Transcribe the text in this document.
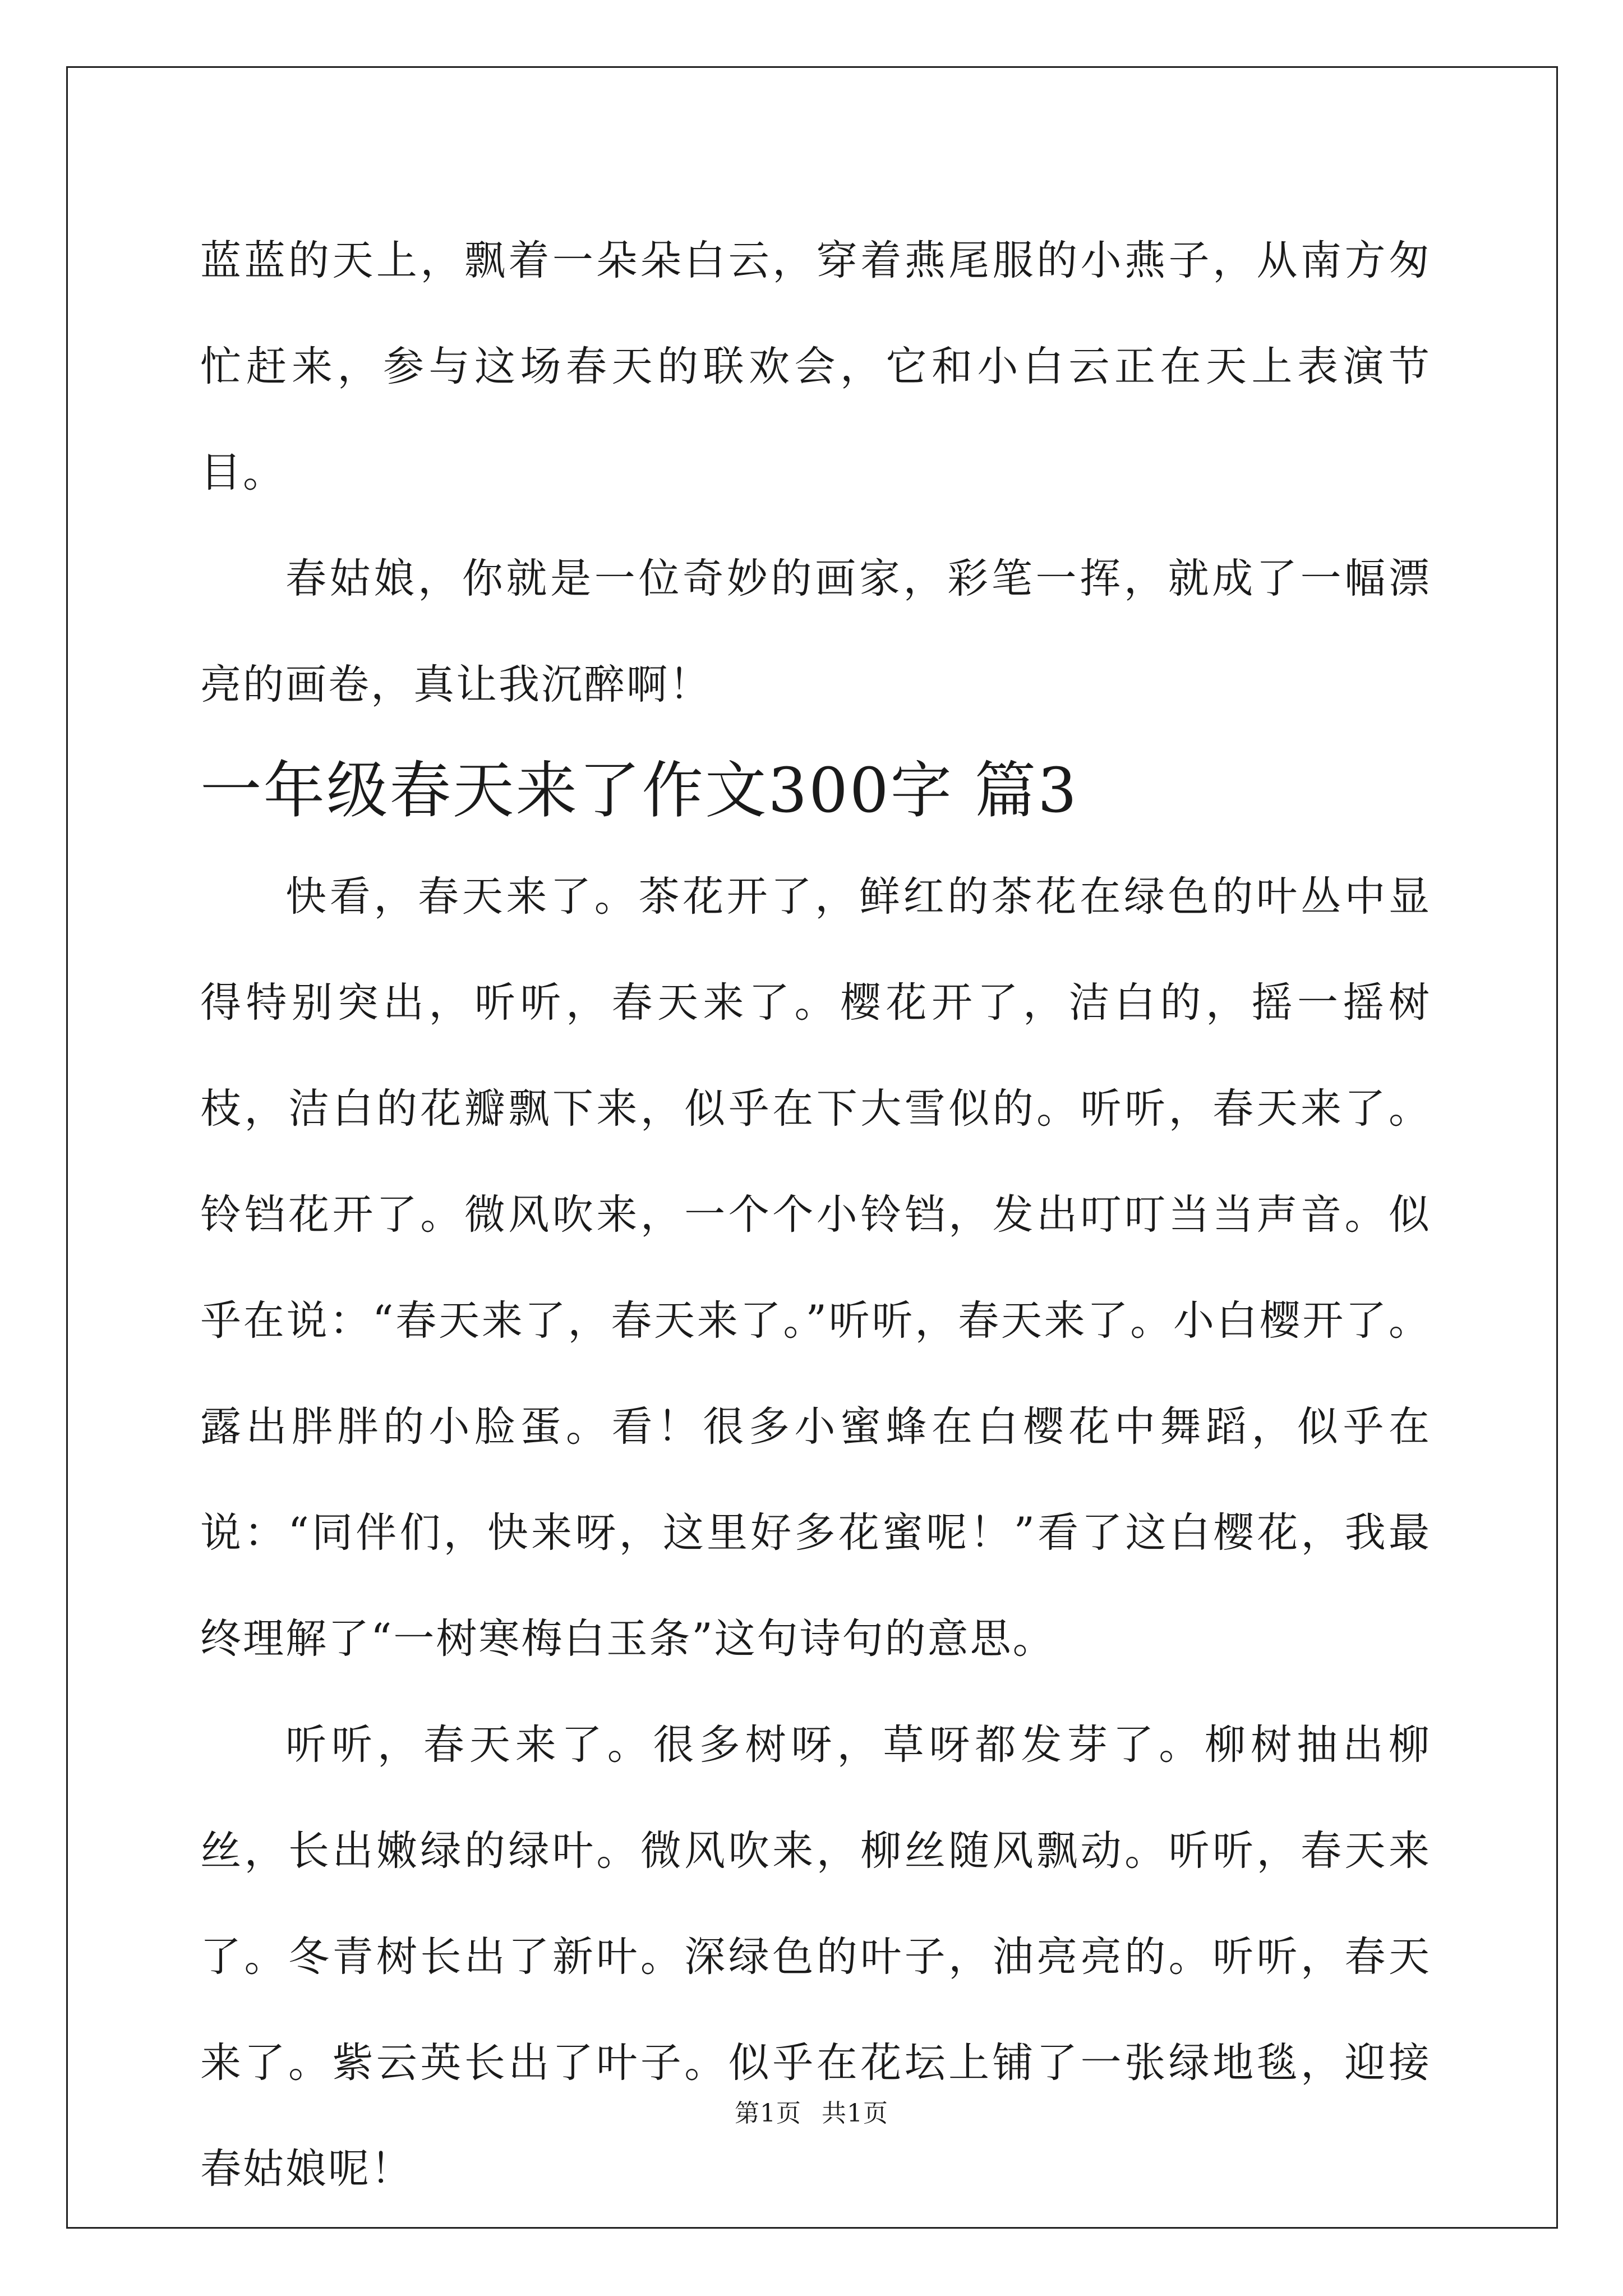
蓝蓝的天上，飘着一朵朵白云，穿着燕尾服的小燕子，从南方匆忙赶来，参与这场春天的联欢会，它和小白云正在天上表演节目。

春姑娘，你就是一位奇妙的画家，彩笔一挥，就成了一幅漂亮的画卷，真让我沉醉啊！

一年级春天来了作文300字 篇3

快看，春天来了。茶花开了，鲜红的茶花在绿色的叶丛中显得特别突出，听听，春天来了。樱花开了，洁白的，摇一摇树枝，洁白的花瓣飘下来，似乎在下大雪似的。听听，春天来了。铃铛花开了。微风吹来，一个个小铃铛，发出叮叮当当声音。似乎在说：“春天来了，春天来了。”听听，春天来了。小白樱开了。露出胖胖的小脸蛋。看！很多小蜜蜂在白樱花中舞蹈，似乎在说：“同伴们，快来呀，这里好多花蜜呢！”看了这白樱花，我最终理解了“一树寒梅白玉条”这句诗句的意思。

听听，春天来了。很多树呀，草呀都发芽了。柳树抽出柳丝，长出嫩绿的绿叶。微风吹来，柳丝随风飘动。听听，春天来了。冬青树长出了新叶。深绿色的叶子，油亮亮的。听听，春天来了。紫云英长出了叶子。似乎在花坛上铺了一张绿地毯，迎接春姑娘呢！

第1页 共1页
